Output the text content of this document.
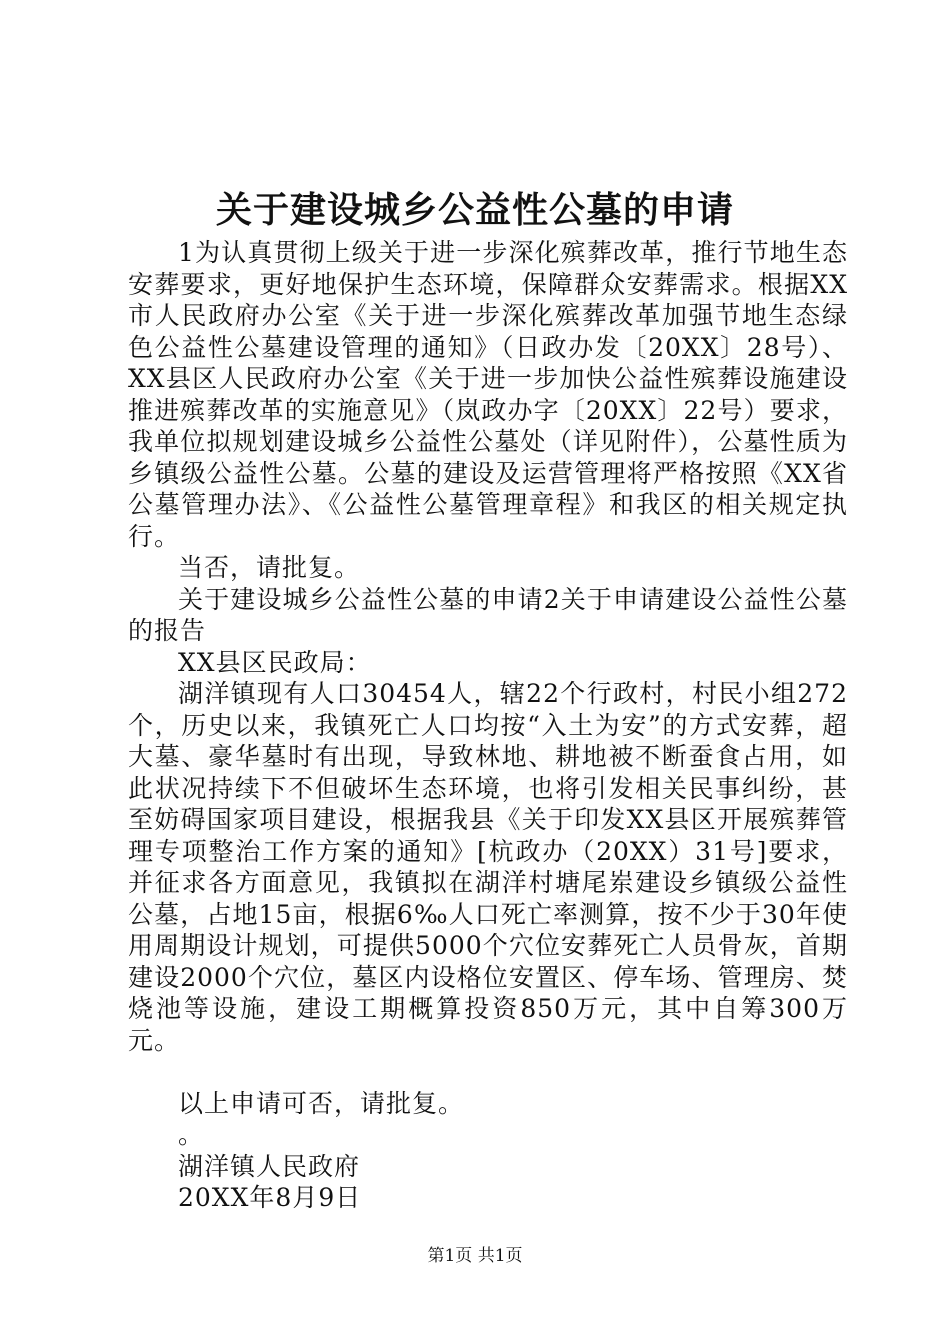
关于建设城乡公益性公墓的申请

1为认真贯彻上级关于进一步深化殡葬改革，推行节地生态安葬要求，更好地保护生态环境，保障群众安葬需求。根据XX市人民政府办公室《关于进一步深化殡葬改革加强节地生态绿色公益性公墓建设管理的通知》（日政办发〔20XX〕28号）、XX县区人民政府办公室《关于进一步加快公益性殡葬设施建设推进殡葬改革的实施意见》（岚政办字〔20XX〕22号）要求，我单位拟规划建设城乡公益性公墓处（详见附件），公墓性质为乡镇级公益性公墓。公墓的建设及运营管理将严格按照《XX省公墓管理办法》、《公益性公墓管理章程》和我区的相关规定执行。

当否，请批复。

关于建设城乡公益性公墓的申请2关于申请建设公益性公墓的报告

XX县区民政局：

湖洋镇现有人口30454人，辖22个行政村，村民小组272个，历史以来，我镇死亡人口均按“入土为安”的方式安葬，超大墓、豪华墓时有出现，导致林地、耕地被不断蚕食占用，如此状况持续下不但破坏生态环境，也将引发相关民事纠纷，甚至妨碍国家项目建设，根据我县《关于印发XX县区开展殡葬管理专项整治工作方案的通知》[杭政办（20XX）31号]要求，并征求各方面意见，我镇拟在湖洋村塘尾岽建设乡镇级公益性公墓，占地15亩，根据6‰人口死亡率测算，按不少于30年使用周期设计规划，可提供5000个穴位安葬死亡人员骨灰，首期建设2000个穴位，墓区内设格位安置区、停车场、管理房、焚烧池等设施，建设工期概算投资850万元，其中自筹300万元。

以上申请可否，请批复。
。
湖洋镇人民政府
20XX年8月9日
第1页 共1页
